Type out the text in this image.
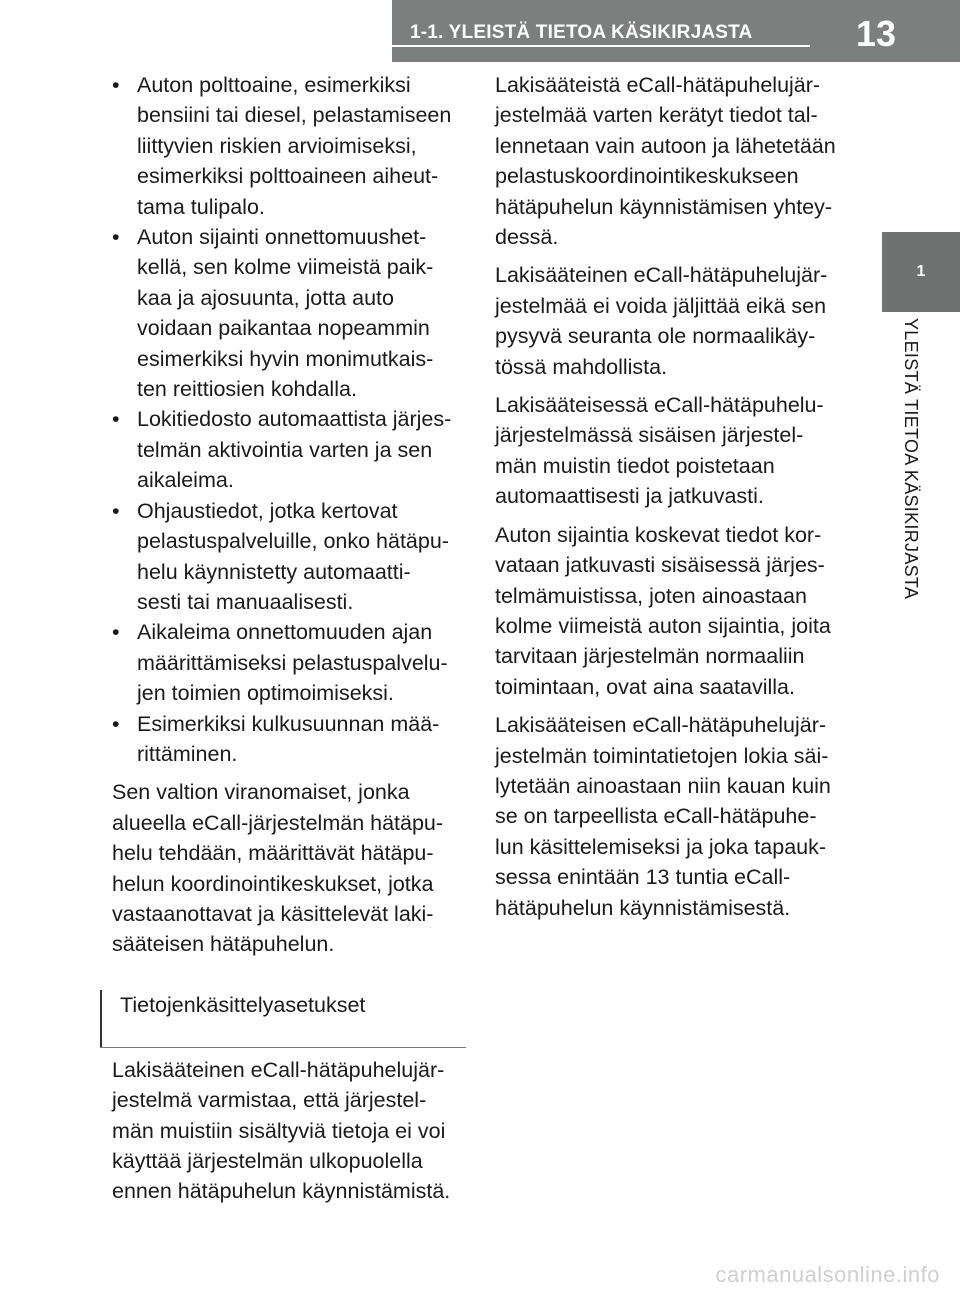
1-1. YLEISTÄ TIETOA KÄSIKIRJASTA	13
1
YLEISTÄ TIETOA KÄSIKIRJASTA
• Auton polttoaine, esimerkiksi
bensiini tai diesel, pelastamiseen
liittyvien riskien arvioimiseksi,
esimerkiksi polttoaineen aiheut-
tama tulipalo.
• Auton sijainti onnettomuushet-
kellä, sen kolme viimeistä paik-
kaa ja ajosuunta, jotta auto
voidaan paikantaa nopeammin
esimerkiksi hyvin monimutkais-
ten reittiosien kohdalla.
• Lokitiedosto automaattista järjes-
telmän aktivointia varten ja sen
aikaleima.
• Ohjaustiedot, jotka kertovat
pelastuspalveluille, onko hätäpu-
helu käynnistetty automaatti-
sesti tai manuaalisesti.
• Aikaleima onnettomuuden ajan
määrittämiseksi pelastuspalvelu-
jen toimien optimoimiseksi.
• Esimerkiksi kulkusuunnan mää-
rittäminen.
Sen valtion viranomaiset, jonka
alueella eCall-järjestelmän hätäpu-
helu tehdään, määrittävät hätäpu-
helun koordinointikeskukset, jotka
vastaanottavat ja käsittelevät laki-
sääteisen hätäpuhelun.
Tietojenkäsittelyasetukset
Lakisääteinen eCall-hätäpuhelujär-
jestelmä varmistaa, että järjestel-
män muistiin sisältyviä tietoja ei voi
käyttää järjestelmän ulkopuolella
ennen hätäpuhelun käynnistämistä.
Lakisääteistä eCall-hätäpuhelujär-
jestelmää varten kerätyt tiedot tal-
lennetaan vain autoon ja lähetetään
pelastuskoordinointikeskukseen
hätäpuhelun käynnistämisen yhtey-
dessä.
Lakisääteinen eCall-hätäpuhelujär-
jestelmää ei voida jäljittää eikä sen
pysyvä seuranta ole normaalikäy-
tössä mahdollista.
Lakisääteisessä eCall-hätäpuhelu-
järjestelmässä sisäisen järjestel-
män muistin tiedot poistetaan
automaattisesti ja jatkuvasti.
Auton sijaintia koskevat tiedot kor-
vataan jatkuvasti sisäisessä järjes-
telmämuistissa, joten ainoastaan
kolme viimeistä auton sijaintia, joita
tarvitaan järjestelmän normaaliin
toimintaan, ovat aina saatavilla.
Lakisääteisen eCall-hätäpuhelujär-
jestelmän toimintatietojen lokia säi-
lytetään ainoastaan niin kauan kuin
se on tarpeellista eCall-hätäpuhe-
lun käsittelemiseksi ja joka tapauk-
sessa enintään 13 tuntia eCall-
hätäpuhelun käynnistämisestä.
carmanualsonline.info
